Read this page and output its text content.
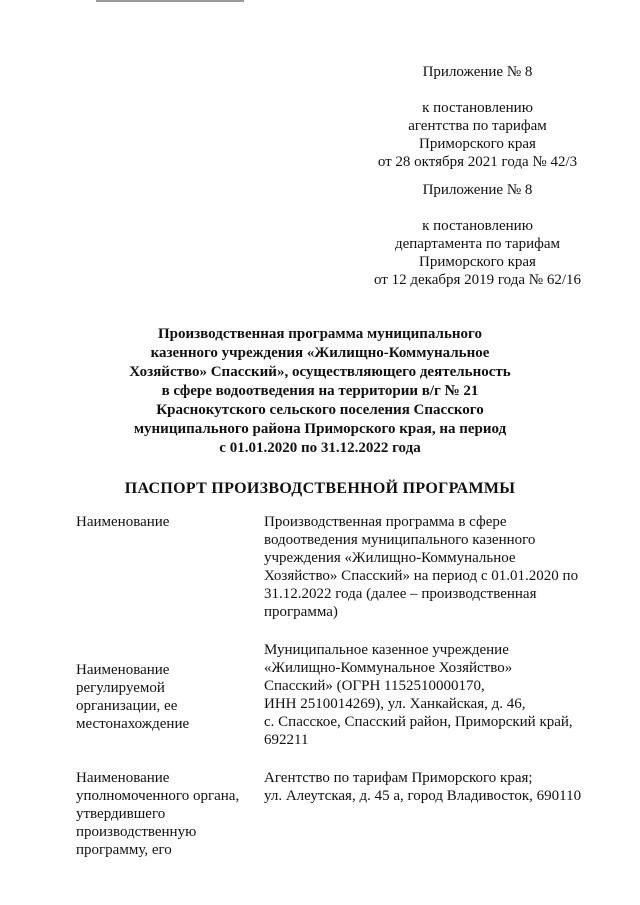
Приложение № 8
к постановлению
агентства по тарифам
Приморского края
от 28 октября 2021 года № 42/3
Приложение № 8
к постановлению
департамента по тарифам
Приморского края
от 12 декабря 2019 года № 62/16
Производственная программа муниципального
казенного учреждения «Жилищно-Коммунальное
Хозяйство» Спасский», осуществляющего деятельность
в сфере водоотведения на территории в/г № 21
Краснокутского сельского поселения Спасского
муниципального района Приморского края, на период
с 01.01.2020 по 31.12.2022 года
ПАСПОРТ ПРОИЗВОДСТВЕННОЙ ПРОГРАММЫ
Наименование	Производственная программа в сфере
водоотведения муниципального казенного
учреждения «Жилищно-Коммунальное
Хозяйство» Спасский» на период с 01.01.2020 по
31.12.2022 года (далее – производственная
программа)
Наименование
регулируемой
организации, ее
местонахождение
Муниципальное казенное учреждение
«Жилищно-Коммунальное Хозяйство»
Спасский» (ОГРН 1152510000170,
ИНН 2510014269), ул. Ханкайская, д. 46,
с. Спасское, Спасский район, Приморский край,
692211
Наименование
уполномоченного органа,
утвердившего
производственную
программу, его
Агентство по тарифам Приморского края;
ул. Алеутская, д. 45 а, город Владивосток, 690110
